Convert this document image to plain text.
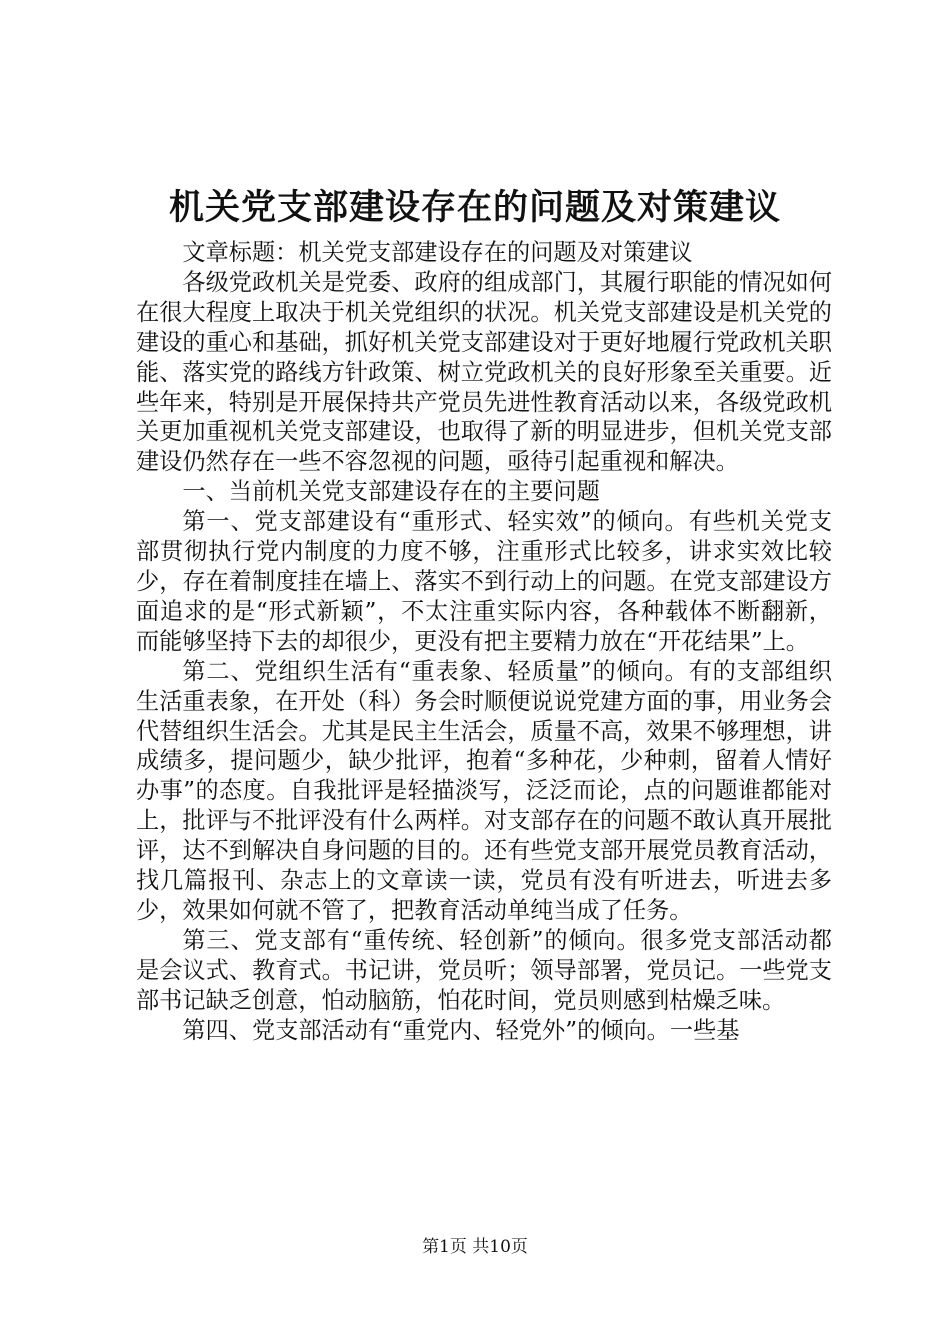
机关党支部建设存在的问题及对策建议

文章标题：机关党支部建设存在的问题及对策建议

各级党政机关是党委、政府的组成部门，其履行职能的情况如何在很大程度上取决于机关党组织的状况。机关党支部建设是机关党的建设的重心和基础，抓好机关党支部建设对于更好地履行党政机关职能、落实党的路线方针政策、树立党政机关的良好形象至关重要。近些年来，特别是开展保持共产党员先进性教育活动以来，各级党政机关更加重视机关党支部建设，也取得了新的明显进步，但机关党支部建设仍然存在一些不容忽视的问题，亟待引起重视和解决。

一、当前机关党支部建设存在的主要问题

第一、党支部建设有“重形式、轻实效”的倾向。有些机关党支部贯彻执行党内制度的力度不够，注重形式比较多，讲求实效比较少，存在着制度挂在墙上、落实不到行动上的问题。在党支部建设方面追求的是“形式新颖”，不太注重实际内容，各种载体不断翻新，而能够坚持下去的却很少，更没有把主要精力放在“开花结果”上。

第二、党组织生活有“重表象、轻质量”的倾向。有的支部组织生活重表象，在开处（科）务会时顺便说说党建方面的事，用业务会代替组织生活会。尤其是民主生活会，质量不高，效果不够理想，讲成绩多，提问题少，缺少批评，抱着“多种花，少种刺，留着人情好办事”的态度。自我批评是轻描淡写，泛泛而论，点的问题谁都能对上，批评与不批评没有什么两样。对支部存在的问题不敢认真开展批评，达不到解决自身问题的目的。还有些党支部开展党员教育活动，找几篇报刊、杂志上的文章读一读，党员有没有听进去，听进去多少，效果如何就不管了，把教育活动单纯当成了任务。

第三、党支部有“重传统、轻创新”的倾向。很多党支部活动都是会议式、教育式。书记讲，党员听；领导部署，党员记。一些党支部书记缺乏创意，怕动脑筋，怕花时间，党员则感到枯燥乏味。

第四、党支部活动有“重党内、轻党外”的倾向。一些基

第1页 共10页
